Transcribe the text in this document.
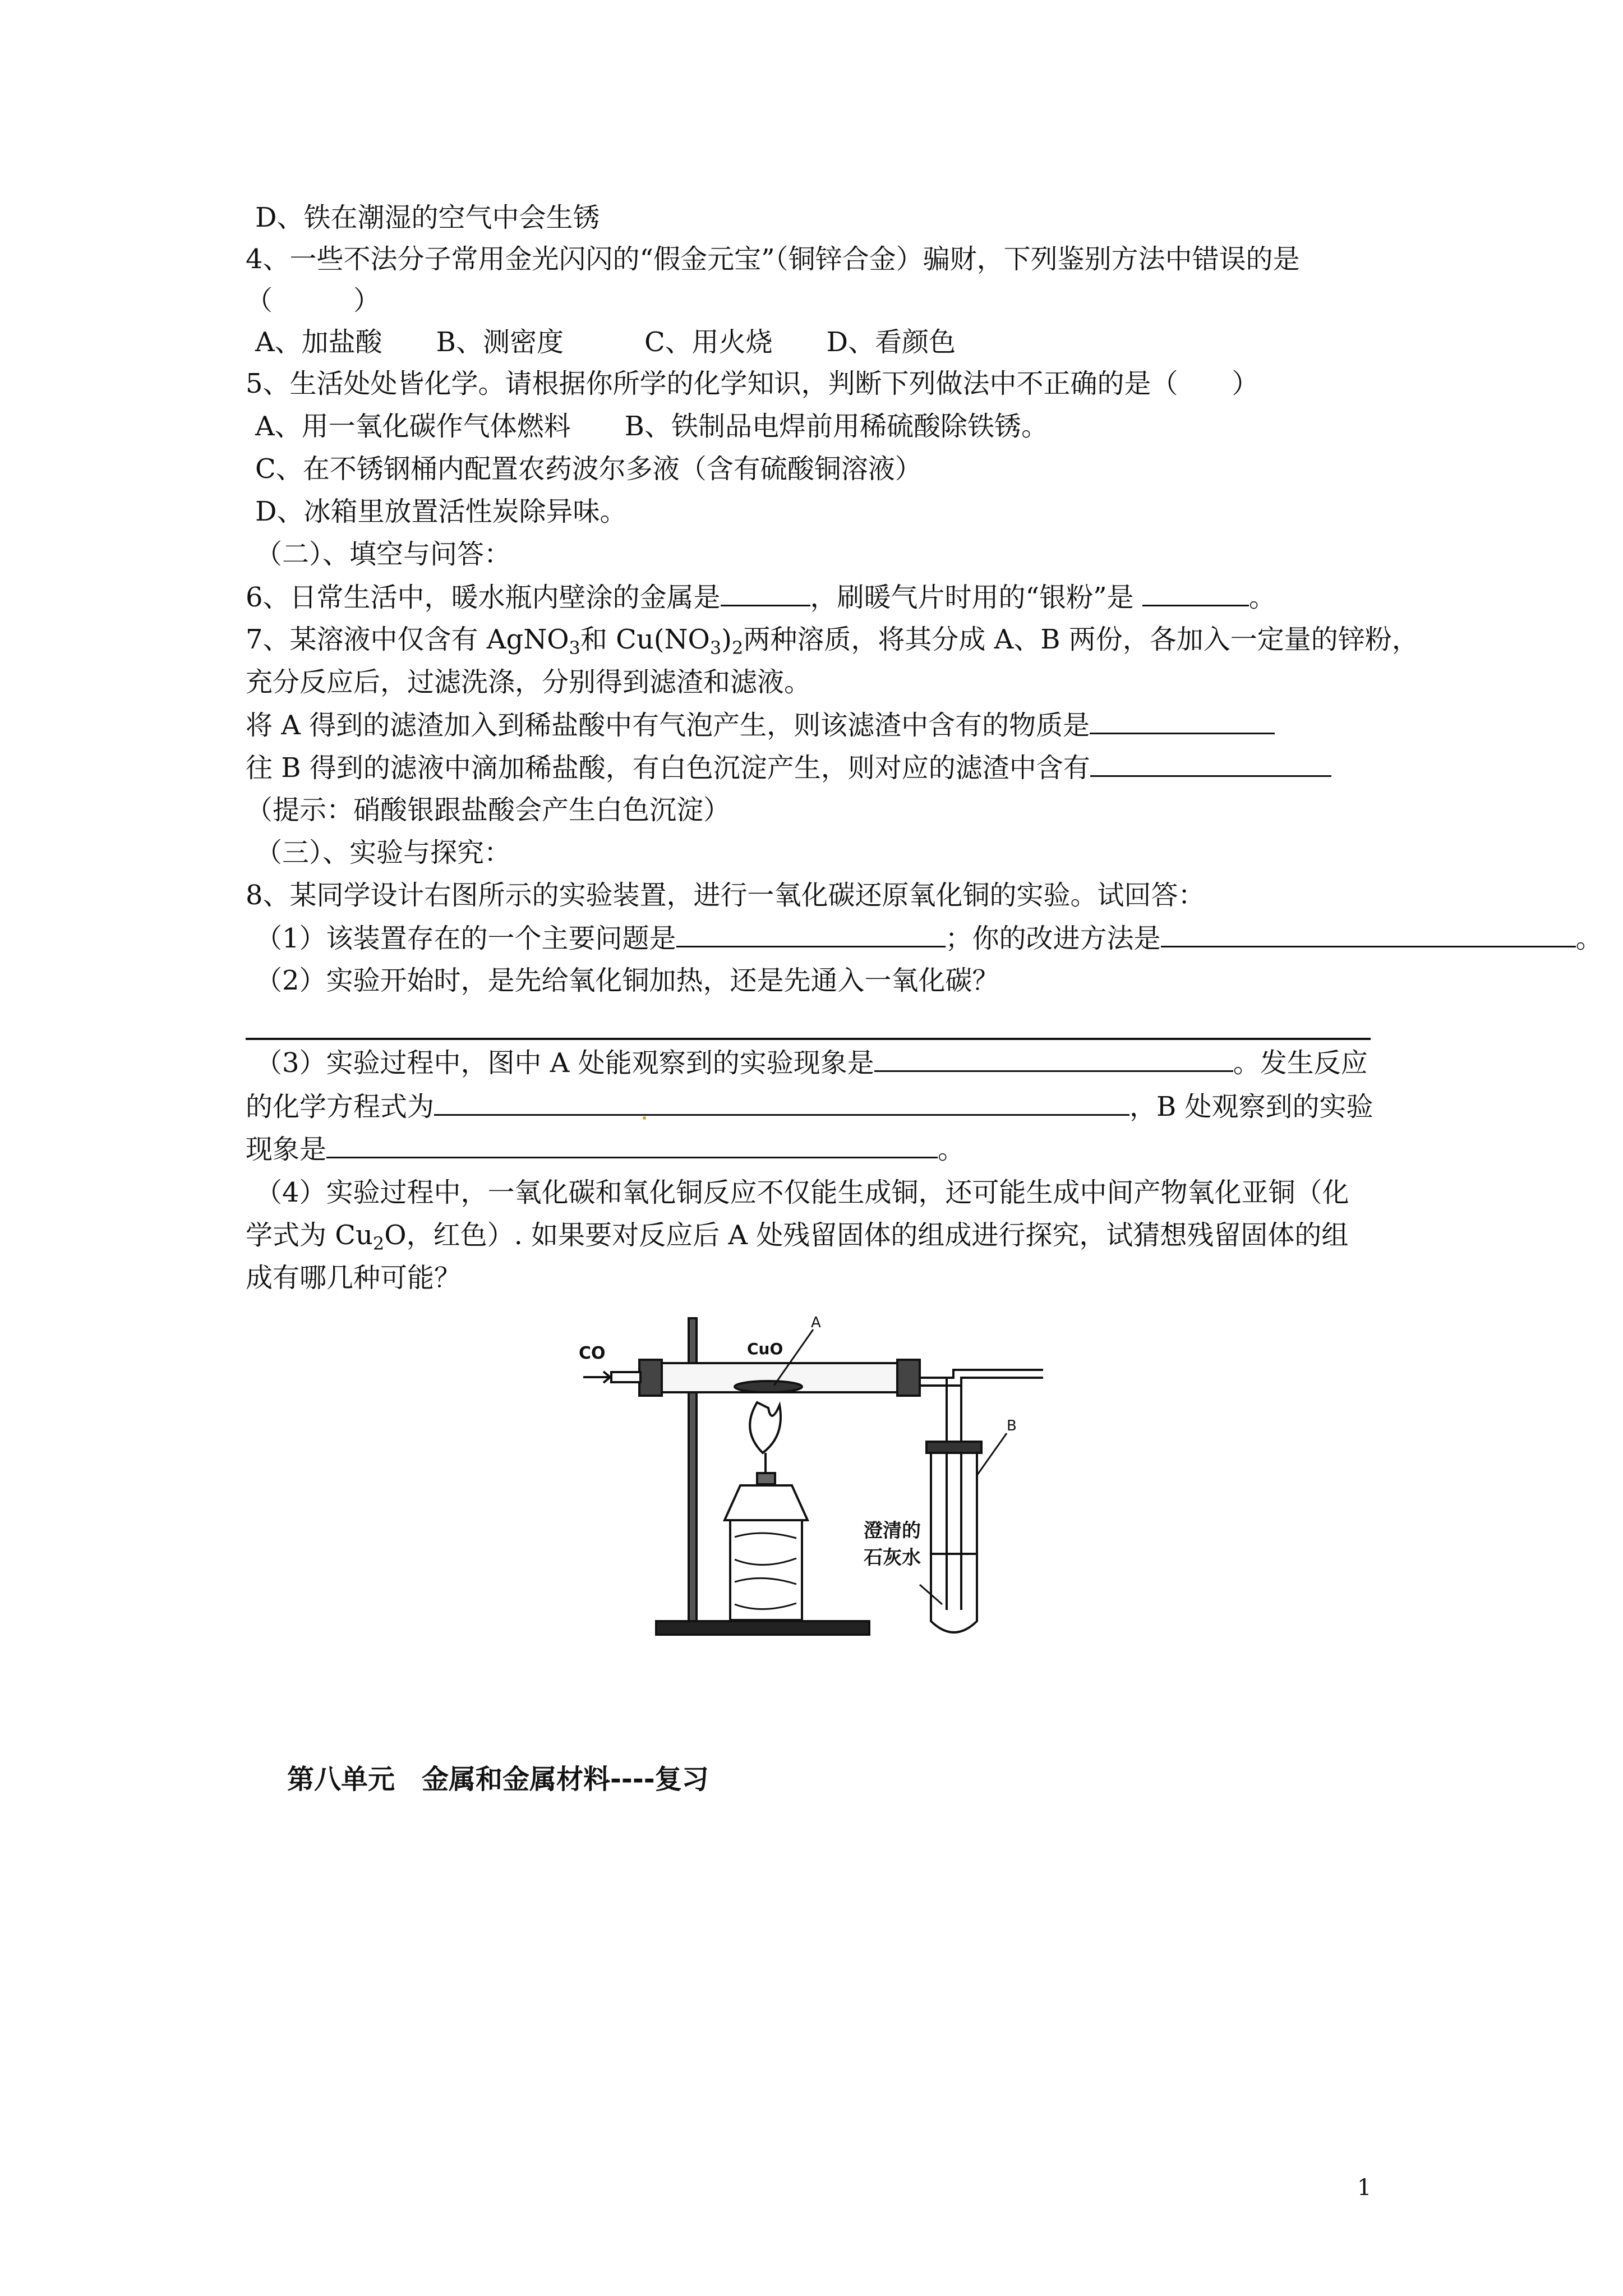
D、铁在潮湿的空气中会生锈
4、一些不法分子常用金光闪闪的“假金元宝”（铜锌合金）骗财，下列鉴别方法中错误的是
（　　　）
A、加盐酸　　B、测密度　　　C、用火烧　　D、看颜色
5、生活处处皆化学。请根据你所学的化学知识，判断下列做法中不正确的是（　　）
A、用一氧化碳作气体燃料　　B、铁制品电焊前用稀硫酸除铁锈。
C、在不锈钢桶内配置农药波尔多液（含有硫酸铜溶液）
D、冰箱里放置活性炭除异味。
（二）、填空与问答：
6、日常生活中，暖水瓶内壁涂的金属是	，刷暖气片时用的“银粉”是	。
7、某溶液中仅含有 AgNO$_3$和 $Cu(NO_3)_2$两种溶质，将其分成 A、B 两份，各加入一定量的锌粉，
充分反应后，过滤洗涤，分别得到滤渣和滤液。
将 A 得到的滤渣加入到稀盐酸中有气泡产生，则该滤渣中含有的物质是
往 B 得到的滤液中滴加稀盐酸，有白色沉淀产生，则对应的滤渣中含有
（提示：硝酸银跟盐酸会产生白色沉淀）
（三）、实验与探究：
8、某同学设计右图所示的实验装置，进行一氧化碳还原氧化铜的实验。试回答：
（1）该装置存在的一个主要问题是	；你的改进方法是	。
（2）实验开始时，是先给氧化铜加热，还是先通入一氧化碳？
（3）实验过程中，图中 A 处能观察到的实验现象是	。发生反应
的化学方程式为	，B 处观察到的实验
现象是	。
（4）实验过程中，一氧化碳和氧化铜反应不仅能生成铜，还可能生成中间产物氧化亚铜（化
学式为 $Cu_2O$，红色）. 如果要对反应后 A 处残留固体的组成进行探究，试猜想残留固体的组
成有哪几种可能？
CO	CuO
A
B
澄清的
石灰水
第八单元　金属和金属材料----复习
1
